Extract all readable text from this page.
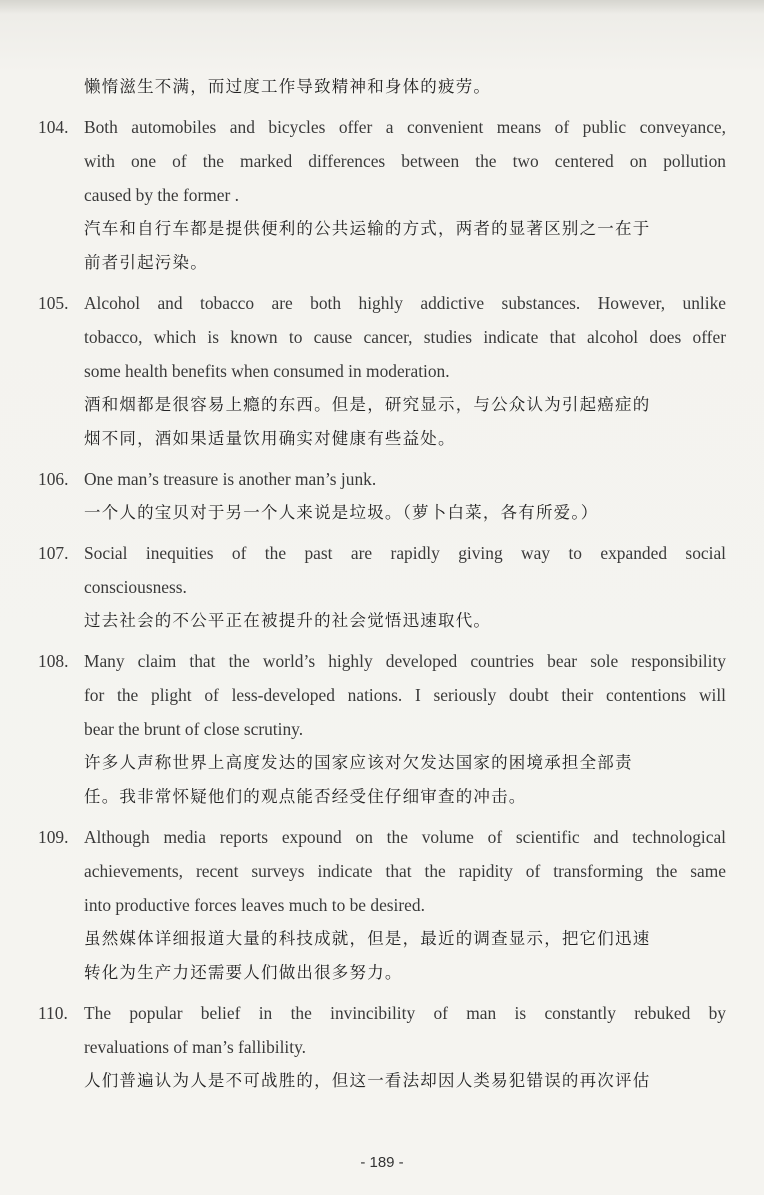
懒惰滋生不满，而过度工作导致精神和身体的疲劳。
104. Both automobiles and bicycles offer a convenient means of public conveyance,
with one of the marked differences between the two centered on pollution
caused by the former .
汽车和自行车都是提供便利的公共运输的方式，两者的显著区别之一在于
前者引起污染。
105. Alcohol and tobacco are both highly addictive substances. However, unlike
tobacco, which is known to cause cancer, studies indicate that alcohol does offer
some health benefits when consumed in moderation.
酒和烟都是很容易上瘾的东西。但是，研究显示，与公众认为引起癌症的
烟不同，酒如果适量饮用确实对健康有些益处。
106. One man’s treasure is another man’s junk.
一个人的宝贝对于另一个人来说是垃圾。（萝卜白菜，各有所爱。）
107. Social inequities of the past are rapidly giving way to expanded social
consciousness.
过去社会的不公平正在被提升的社会觉悟迅速取代。
108. Many claim that the world’s highly developed countries bear sole responsibility
for the plight of less-developed nations. I seriously doubt their contentions will
bear the brunt of close scrutiny.
许多人声称世界上高度发达的国家应该对欠发达国家的困境承担全部责
任。我非常怀疑他们的观点能否经受住仔细审查的冲击。
109. Although media reports expound on the volume of scientific and technological
achievements, recent surveys indicate that the rapidity of transforming the same
into productive forces leaves much to be desired.
虽然媒体详细报道大量的科技成就，但是，最近的调查显示，把它们迅速
转化为生产力还需要人们做出很多努力。
110. The popular belief in the invincibility of man is constantly rebuked by
revaluations of man’s fallibility.
人们普遍认为人是不可战胜的，但这一看法却因人类易犯错误的再次评估
- 189 -
